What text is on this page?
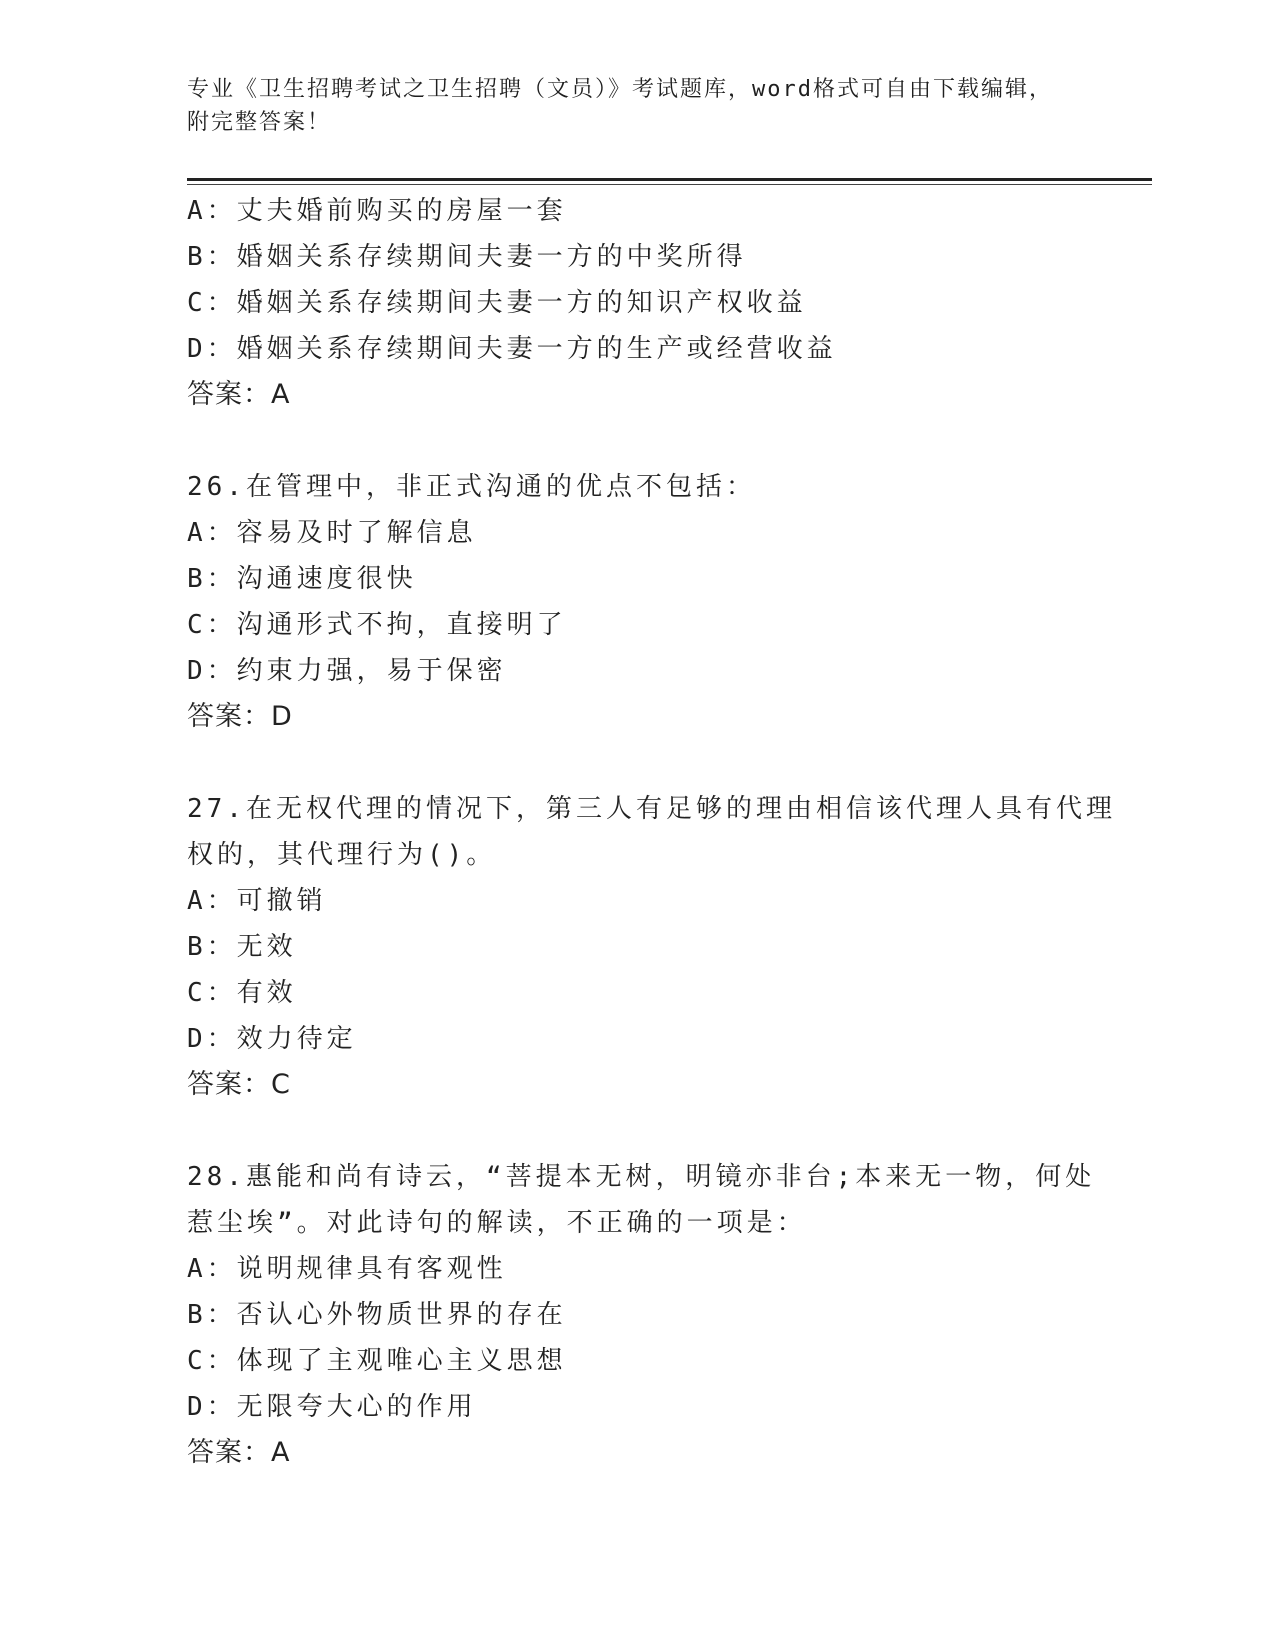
专业《卫生招聘考试之卫生招聘（文员）》考试题库，word格式可自由下载编辑，附完整答案！
A：丈夫婚前购买的房屋一套
B：婚姻关系存续期间夫妻一方的中奖所得
C：婚姻关系存续期间夫妻一方的知识产权收益
D：婚姻关系存续期间夫妻一方的生产或经营收益
答案：A
26.在管理中，非正式沟通的优点不包括：
A：容易及时了解信息
B：沟通速度很快
C：沟通形式不拘，直接明了
D：约束力强，易于保密
答案：D
27.在无权代理的情况下，第三人有足够的理由相信该代理人具有代理
权的，其代理行为()。
A：可撤销
B：无效
C：有效
D：效力待定
答案：C
28.惠能和尚有诗云，“菩提本无树，明镜亦非台;本来无一物，何处
惹尘埃”。对此诗句的解读，不正确的一项是：
A：说明规律具有客观性
B：否认心外物质世界的存在
C：体现了主观唯心主义思想
D：无限夸大心的作用
答案：A
